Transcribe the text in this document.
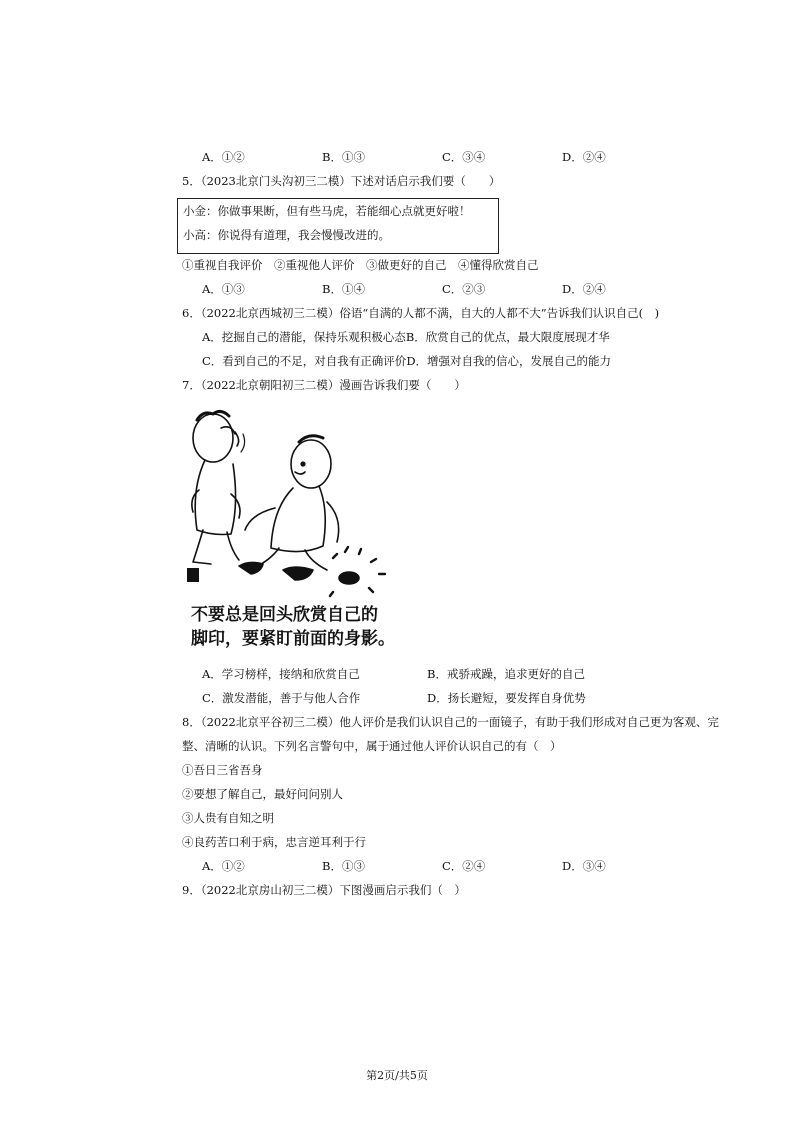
A．①②	B．①③	C．③④	D．②④
5．（2023北京门头沟初三二模）下述对话启示我们要（　　）
小金：你做事果断，但有些马虎，若能细心点就更好啦！
小高：你说得有道理，我会慢慢改进的。
①重视自我评价　②重视他人评价　③做更好的自己　④懂得欣赏自己
A．①③	B．①④	C．②③	D．②④
6．（2022北京西城初三二模）俗语“自满的人都不满，自大的人都不大”告诉我们认识自己(　)
A．挖掘自己的潜能，保持乐观积极心态B．欣赏自己的优点，最大限度展现才华
C．看到自己的不足，对自我有正确评价D．增强对自我的信心，发展自己的能力
7．（2022北京朝阳初三二模）漫画告诉我们要（　　）
不要总是回头欣赏自己的
脚印，要紧盯前面的身影。
A．学习榜样，接纳和欣赏自己	B．戒骄戒躁，追求更好的自己
C．激发潜能，善于与他人合作	D．扬长避短，要发挥自身优势
8．（2022北京平谷初三二模）他人评价是我们认识自己的一面镜子，有助于我们形成对自己更为客观、完
整、清晰的认识。下列名言警句中，属于通过他人评价认识自己的有（　）
①吾日三省吾身
②要想了解自己，最好问问别人
③人贵有自知之明
④良药苦口利于病，忠言逆耳利于行
A．①②	B．①③	C．②④	D．③④
9．（2022北京房山初三二模）下图漫画启示我们（　）
第2页/共5页
